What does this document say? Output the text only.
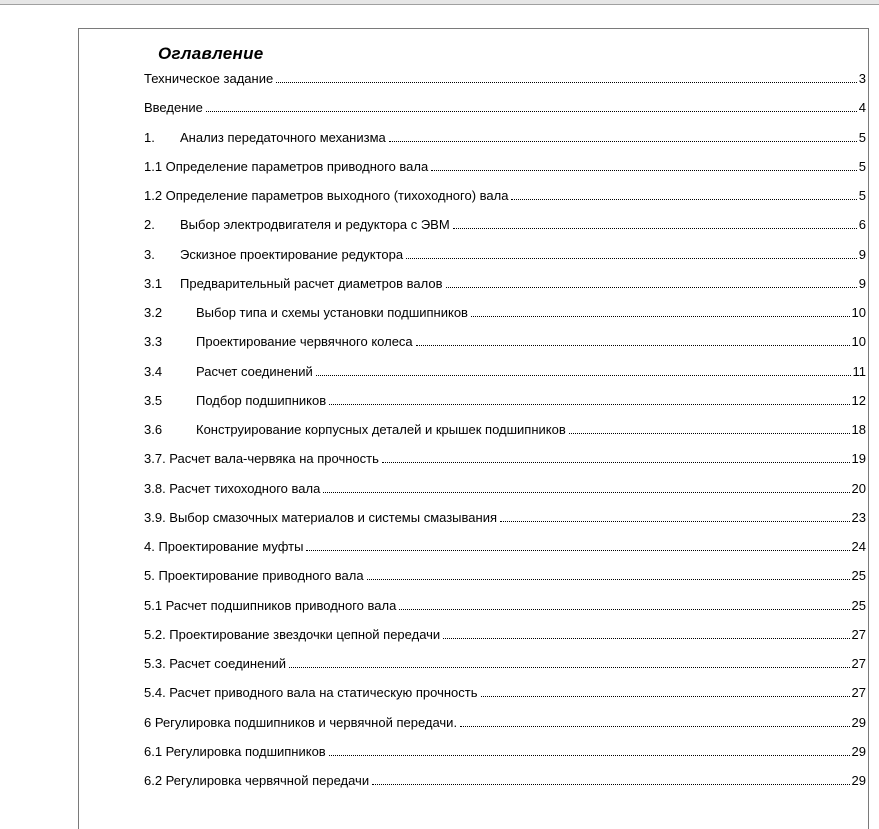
Оглавление
Техническое задание	3
Введение	4
1.	Анализ передаточного механизма	5
1.1 Определение параметров приводного вала	5
1.2 Определение параметров выходного (тихоходного) вала	5
2.	Выбор электродвигателя и редуктора с ЭВМ	6
3.	Эскизное проектирование редуктора	9
3.1	Предварительный расчет диаметров валов	9
3.2	Выбор типа и схемы установки подшипников	10
3.3	Проектирование червячного колеса	10
3.4	Расчет соединений	11
3.5	Подбор подшипников	12
3.6	Конструирование корпусных деталей и крышек подшипников	18
3.7. Расчет вала-червяка на прочность	19
3.8. Расчет тихоходного вала	20
3.9. Выбор смазочных материалов и системы смазывания	23
4. Проектирование муфты	24
5. Проектирование приводного вала	25
5.1 Расчет подшипников приводного вала	25
5.2. Проектирование звездочки цепной передачи	27
5.3. Расчет соединений	27
5.4. Расчет приводного вала на статическую прочность	27
6 Регулировка подшипников и червячной передачи.	29
6.1 Регулировка подшипников	29
6.2 Регулировка червячной передачи	29
